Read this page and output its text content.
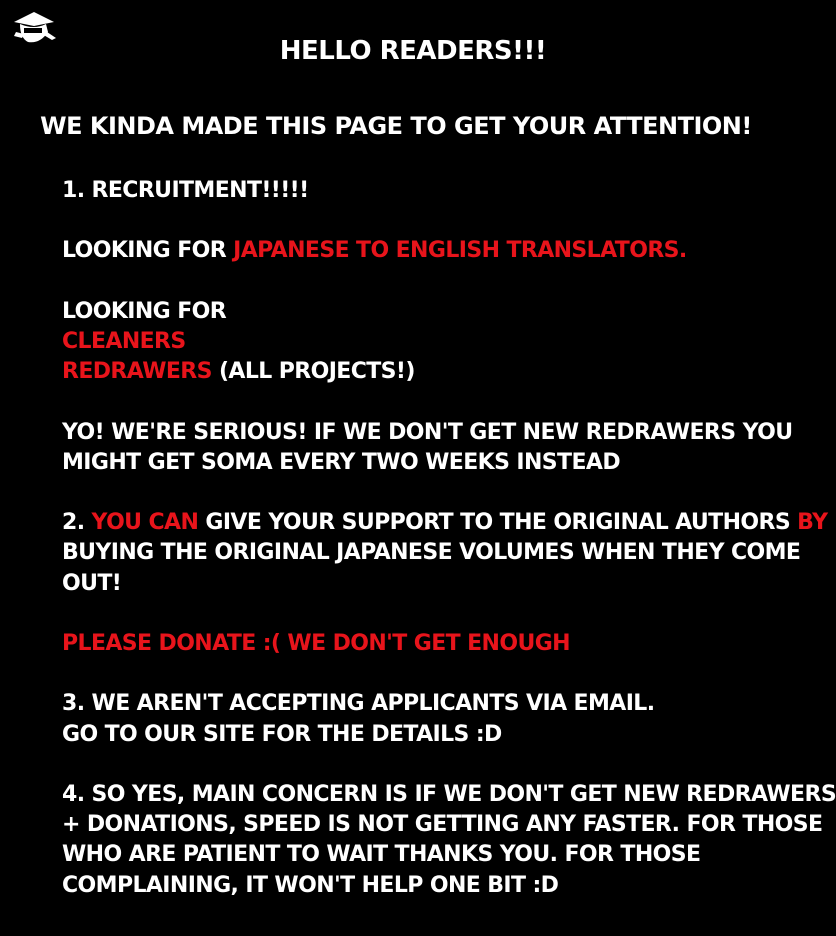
HELLO READERS!!!
WE KINDA MADE THIS PAGE TO GET YOUR ATTENTION!
1. RECRUITMENT!!!!!
LOOKING FOR JAPANESE TO ENGLISH TRANSLATORS.
LOOKING FOR
CLEANERS
REDRAWERS (ALL PROJECTS!)
YO! WE'RE SERIOUS! IF WE DON'T GET NEW REDRAWERS YOU
MIGHT GET SOMA EVERY TWO WEEKS INSTEAD
2. YOU CAN GIVE YOUR SUPPORT TO THE ORIGINAL AUTHORS BY
BUYING THE ORIGINAL JAPANESE VOLUMES WHEN THEY COME
OUT!
PLEASE DONATE :( WE DON'T GET ENOUGH
3. WE AREN'T ACCEPTING APPLICANTS VIA EMAIL.
GO TO OUR SITE FOR THE DETAILS :D
4. SO YES, MAIN CONCERN IS IF WE DON'T GET NEW REDRAWERS
+ DONATIONS, SPEED IS NOT GETTING ANY FASTER. FOR THOSE
WHO ARE PATIENT TO WAIT THANKS YOU. FOR THOSE
COMPLAINING, IT WON'T HELP ONE BIT :D
